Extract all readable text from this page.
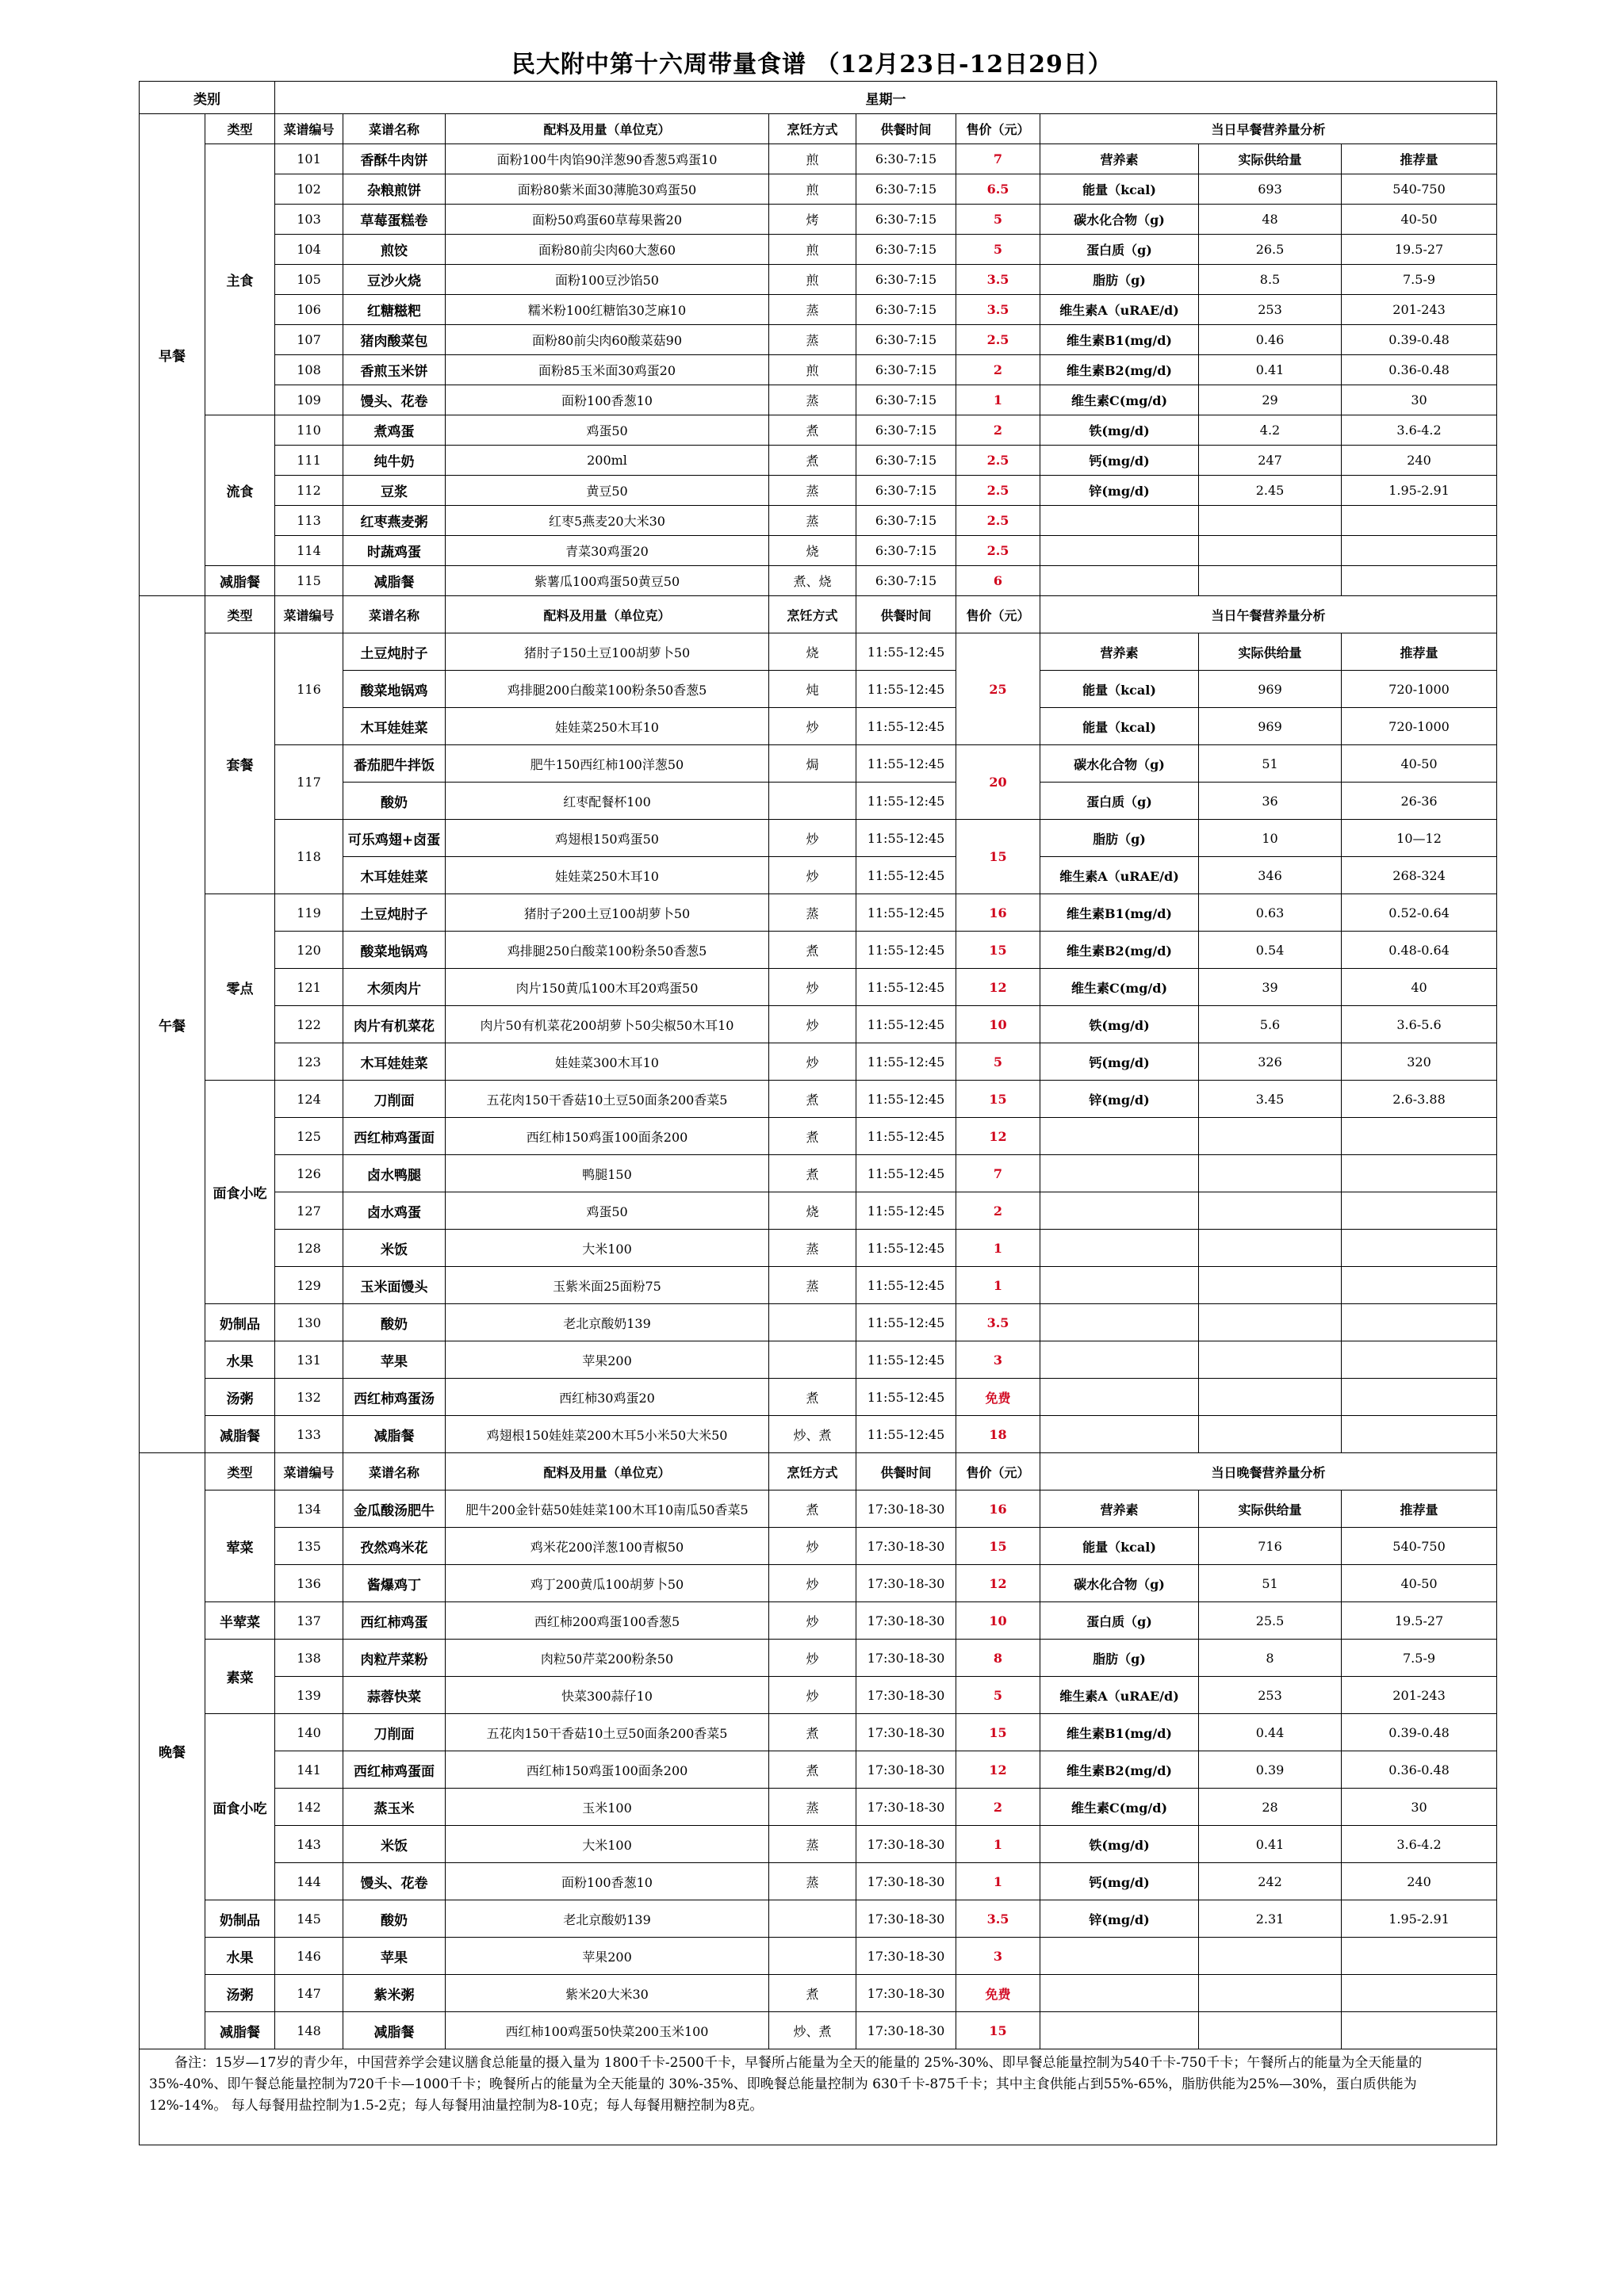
民大附中第十六周带量食谱 （12月23日-12日29日）
类别		星期一								
早餐	类型	菜谱编号	菜谱名称	配料及用量（单位克）	烹饪方式	供餐时间	售价（元）	当日早餐营养量分析		
	主食	101	香酥牛肉饼	面粉100牛肉馅90洋葱90香葱5鸡蛋10	煎	6:30-7:15	7	营养素	实际供给量	推荐量
		102	杂粮煎饼	面粉80紫米面30薄脆30鸡蛋50	煎	6:30-7:15	6.5	能量（kcal)	693	540-750
		103	草莓蛋糕卷	面粉50鸡蛋60草莓果酱20	烤	6:30-7:15	5	碳水化合物（g)	48	40-50
		104	煎饺	面粉80前尖肉60大葱60	煎	6:30-7:15	5	蛋白质（g)	26.5	19.5-27
		105	豆沙火烧	面粉100豆沙馅50	煎	6:30-7:15	3.5	脂肪（g)	8.5	7.5-9
		106	红糖糍粑	糯米粉100红糖馅30芝麻10	蒸	6:30-7:15	3.5	维生素A（uRAE/d)	253	201-243
		107	猪肉酸菜包	面粉80前尖肉60酸菜菇90	蒸	6:30-7:15	2.5	维生素B1(mg/d)	0.46	0.39-0.48
		108	香煎玉米饼	面粉85玉米面30鸡蛋20	煎	6:30-7:15	2	维生素B2(mg/d)	0.41	0.36-0.48
		109	馒头、花卷	面粉100香葱10	蒸	6:30-7:15	1	维生素C(mg/d)	29	30
	流食	110	煮鸡蛋	鸡蛋50	煮	6:30-7:15	2	铁(mg/d)	4.2	3.6-4.2
		111	纯牛奶	200ml	煮	6:30-7:15	2.5	钙(mg/d)	247	240
		112	豆浆	黄豆50	蒸	6:30-7:15	2.5	锌(mg/d)	2.45	1.95-2.91
		113	红枣燕麦粥	红枣5燕麦20大米30	蒸	6:30-7:15	2.5			
		114	时蔬鸡蛋	青菜30鸡蛋20	烧	6:30-7:15	2.5			
	减脂餐	115	减脂餐	紫薯瓜100鸡蛋50黄豆50	煮、烧	6:30-7:15	6			
午餐	类型	菜谱编号	菜谱名称	配料及用量（单位克）	烹饪方式	供餐时间	售价（元）	当日午餐营养量分析		
	套餐	116	土豆炖肘子	猪肘子150土豆100胡萝卜50	烧	11:55-12:45	25	营养素	实际供给量	推荐量
			酸菜地锅鸡	鸡排腿200白酸菜100粉条50香葱5	炖	11:55-12:45		能量（kcal)	969	720-1000
			木耳娃娃菜	娃娃菜250木耳10	炒	11:55-12:45		能量（kcal)	969	720-1000
		117	番茄肥牛拌饭	肥牛150西红柿100洋葱50	焗	11:55-12:45	20	碳水化合物（g)	51	40-50
			酸奶	红枣配餐杯100		11:55-12:45		蛋白质（g)	36	26-36
		118	可乐鸡翅+卤蛋	鸡翅根150鸡蛋50	炒	11:55-12:45	15	脂肪（g)	10	10—12
			木耳娃娃菜	娃娃菜250木耳10	炒	11:55-12:45		维生素A（uRAE/d)	346	268-324
	零点	119	土豆炖肘子	猪肘子200土豆100胡萝卜50	蒸	11:55-12:45	16	维生素B1(mg/d)	0.63	0.52-0.64
		120	酸菜地锅鸡	鸡排腿250白酸菜100粉条50香葱5	煮	11:55-12:45	15	维生素B2(mg/d)	0.54	0.48-0.64
		121	木须肉片	肉片150黄瓜100木耳20鸡蛋50	炒	11:55-12:45	12	维生素C(mg/d)	39	40
		122	肉片有机菜花	肉片50有机菜花200胡萝卜50尖椒50木耳10	炒	11:55-12:45	10	铁(mg/d)	5.6	3.6-5.6
		123	木耳娃娃菜	娃娃菜300木耳10	炒	11:55-12:45	5	钙(mg/d)	326	320
	面食小吃	124	刀削面	五花肉150干香菇10土豆50面条200香菜5	煮	11:55-12:45	15	锌(mg/d)	3.45	2.6-3.88
		125	西红柿鸡蛋面	西红柿150鸡蛋100面条200	煮	11:55-12:45	12			
		126	卤水鸭腿	鸭腿150	煮	11:55-12:45	7			
		127	卤水鸡蛋	鸡蛋50	烧	11:55-12:45	2			
		128	米饭	大米100	蒸	11:55-12:45	1			
		129	玉米面馒头	玉紫米面25面粉75	蒸	11:55-12:45	1			
	奶制品	130	酸奶	老北京酸奶139		11:55-12:45	3.5			
	水果	131	苹果	苹果200		11:55-12:45	3			
	汤粥	132	西红柿鸡蛋汤	西红柿30鸡蛋20	煮	11:55-12:45	免费			
	减脂餐	133	减脂餐	鸡翅根150娃娃菜200木耳5小米50大米50	炒、煮	11:55-12:45	18			
晚餐	类型	菜谱编号	菜谱名称	配料及用量（单位克）	烹饪方式	供餐时间	售价（元）	当日晚餐营养量分析		
	荤菜	134	金瓜酸汤肥牛	肥牛200金针菇50娃娃菜100木耳10南瓜50香菜5	煮	17:30-18-30	16	营养素	实际供给量	推荐量
		135	孜然鸡米花	鸡米花200洋葱100青椒50	炒	17:30-18-30	15	能量（kcal)	716	540-750
		136	酱爆鸡丁	鸡丁200黄瓜100胡萝卜50	炒	17:30-18-30	12	碳水化合物（g)	51	40-50
	半荤菜	137	西红柿鸡蛋	西红柿200鸡蛋100香葱5	炒	17:30-18-30	10	蛋白质（g)	25.5	19.5-27
	素菜	138	肉粒芹菜粉	肉粒50芹菜200粉条50	炒	17:30-18-30	8	脂肪（g)	8	7.5-9
		139	蒜蓉快菜	快菜300蒜仔10	炒	17:30-18-30	5	维生素A（uRAE/d)	253	201-243
	面食小吃	140	刀削面	五花肉150干香菇10土豆50面条200香菜5	煮	17:30-18-30	15	维生素B1(mg/d)	0.44	0.39-0.48
		141	西红柿鸡蛋面	西红柿150鸡蛋100面条200	煮	17:30-18-30	12	维生素B2(mg/d)	0.39	0.36-0.48
		142	蒸玉米	玉米100	蒸	17:30-18-30	2	维生素C(mg/d)	28	30
		143	米饭	大米100	蒸	17:30-18-30	1	铁(mg/d)	0.41	3.6-4.2
		144	馒头、花卷	面粉100香葱10	蒸	17:30-18-30	1	钙(mg/d)	242	240
	奶制品	145	酸奶	老北京酸奶139		17:30-18-30	3.5	锌(mg/d)	2.31	1.95-2.91
	水果	146	苹果	苹果200		17:30-18-30	3			
	汤粥	147	紫米粥	紫米20大米30	煮	17:30-18-30	免费			
	减脂餐	148	减脂餐	西红柿100鸡蛋50快菜200玉米100	炒、煮	17:30-18-30	15			
备注：15岁—17岁的青少年，中国营养学会建议膳食总能量的摄入量为 1800千卡-2500千卡，早餐所占能量为全天的能量的 25%-30%、即早餐总能量控制为540千卡-750千卡；午餐所占的能量为全天能量的35%-40%、即午餐总能量控制为720千卡—1000千卡；晚餐所占的能量为全天能量的 30%-35%、即晚餐总能量控制为 630千卡-875千卡；其中主食供能占到55%-65%，脂肪供能为25%—30%，蛋白质供能为12%-14%。 每人每餐用盐控制为1.5-2克；每人每餐用油量控制为8-10克；每人每餐用糖控制为8克。										
